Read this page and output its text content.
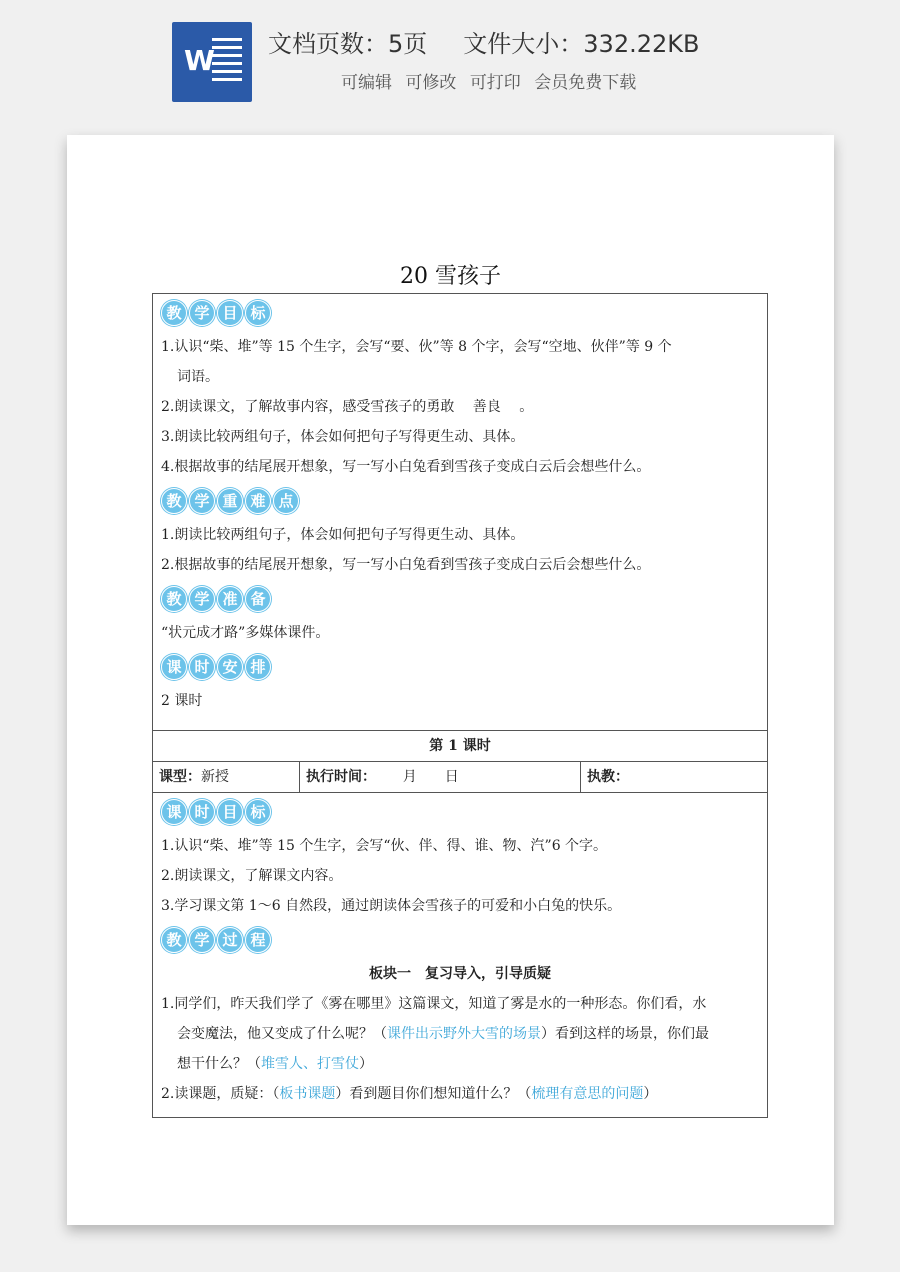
W 文档页数：5页 文件大小：332.22KB
可编辑 可修改 可打印 会员免费下载
20 雪孩子
教 学 目 标

1.认识“柴、堆”等 15 个生字，会写“要、伙”等 8 个字，会写“空地、伙伴”等 9 个

词语。

2.朗读课文，了解故事内容，感受雪孩子的勇敢　 善良　 。

3.朗读比较两组句子，体会如何把句子写得更生动、具体。

4.根据故事的结尾展开想象，写一写小白兔看到雪孩子变成白云后会想些什么。

教 学 重 难 点

1.朗读比较两组句子，体会如何把句子写得更生动、具体。

2.根据故事的结尾展开想象，写一写小白兔看到雪孩子变成白云后会想些什么。

教 学 准 备

“状元成才路”多媒体课件。

课 时 安 排

2 课时

第 1 课时
课型：新授	执行时间： 月　　日	执教：
课 时 目 标

1.认识“柴、堆”等 15 个生字，会写“伙、伴、得、谁、物、汽”6 个字。

2.朗读课文，了解课文内容。

3.学习课文第 1～6 自然段，通过朗读体会雪孩子的可爱和小白兔的快乐。

教 学 过 程
板块一　复习导入，引导质疑

1.同学们，昨天我们学了《雾在哪里》这篇课文，知道了雾是水的一种形态。你们看，水

会变魔法，他又变成了什么呢？（课件出示野外大雪的场景）看到这样的场景，你们最

想干什么？（堆雪人、打雪仗）

2.读课题，质疑：（板书课题）看到题目你们想知道什么？（梳理有意思的问题）
